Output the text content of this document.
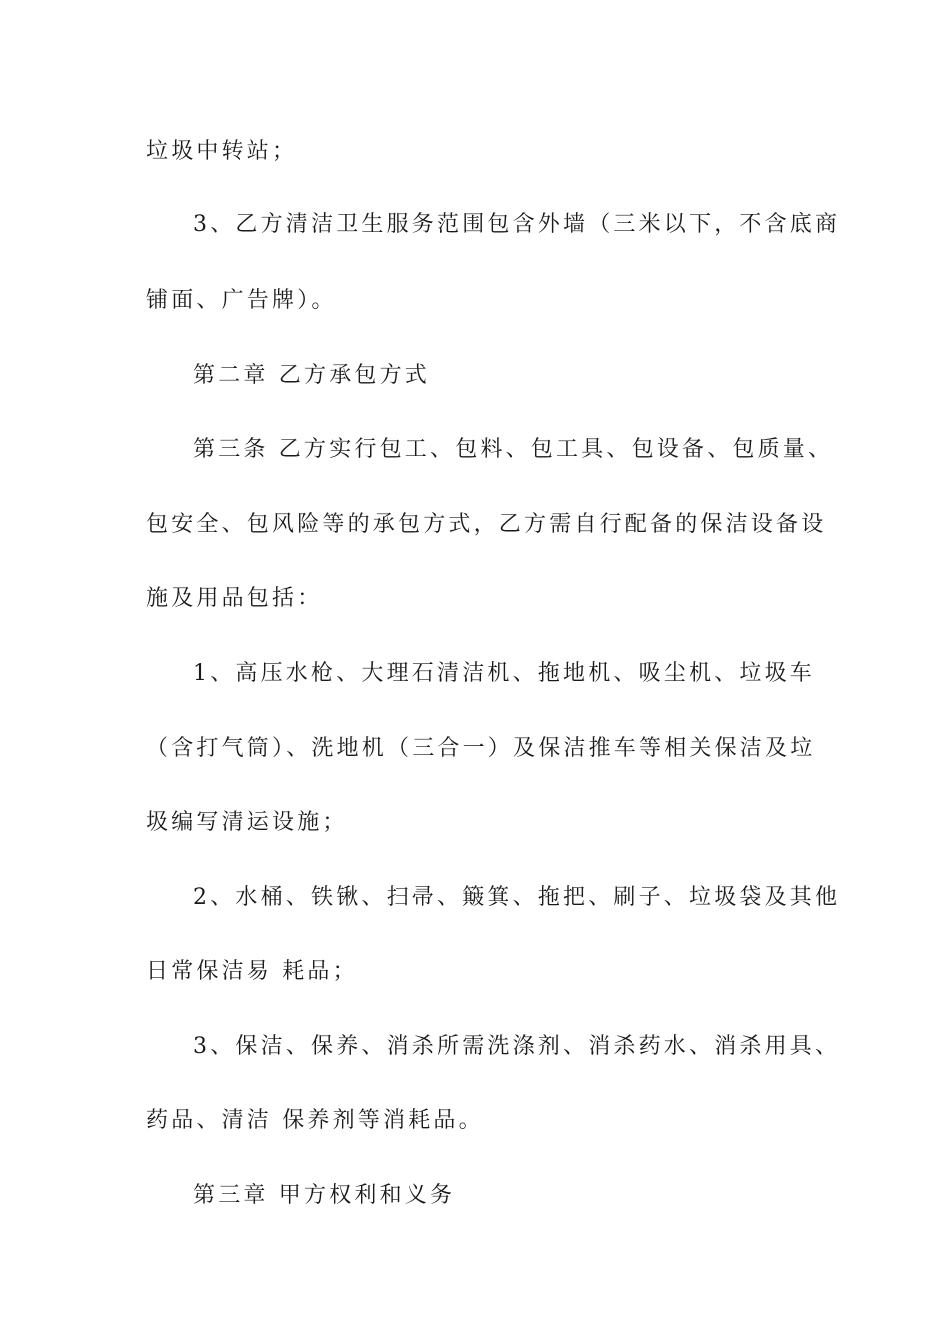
垃圾中转站；
3、乙方清洁卫生服务范围包含外墙（三米以下，不含底商
铺面、广告牌）。
第二章 乙方承包方式
第三条 乙方实行包工、包料、包工具、包设备、包质量、
包安全、包风险等的承包方式，乙方需自行配备的保洁设备设
施及用品包括：
1、高压水枪、大理石清洁机、拖地机、吸尘机、垃圾车
（含打气筒）、洗地机（三合一）及保洁推车等相关保洁及垃
圾编写清运设施；
2、水桶、铁锹、扫帚、簸箕、拖把、刷子、垃圾袋及其他
日常保洁易 耗品；
3、保洁、保养、消杀所需洗涤剂、消杀药水、消杀用具、
药品、清洁 保养剂等消耗品。
第三章 甲方权利和义务
